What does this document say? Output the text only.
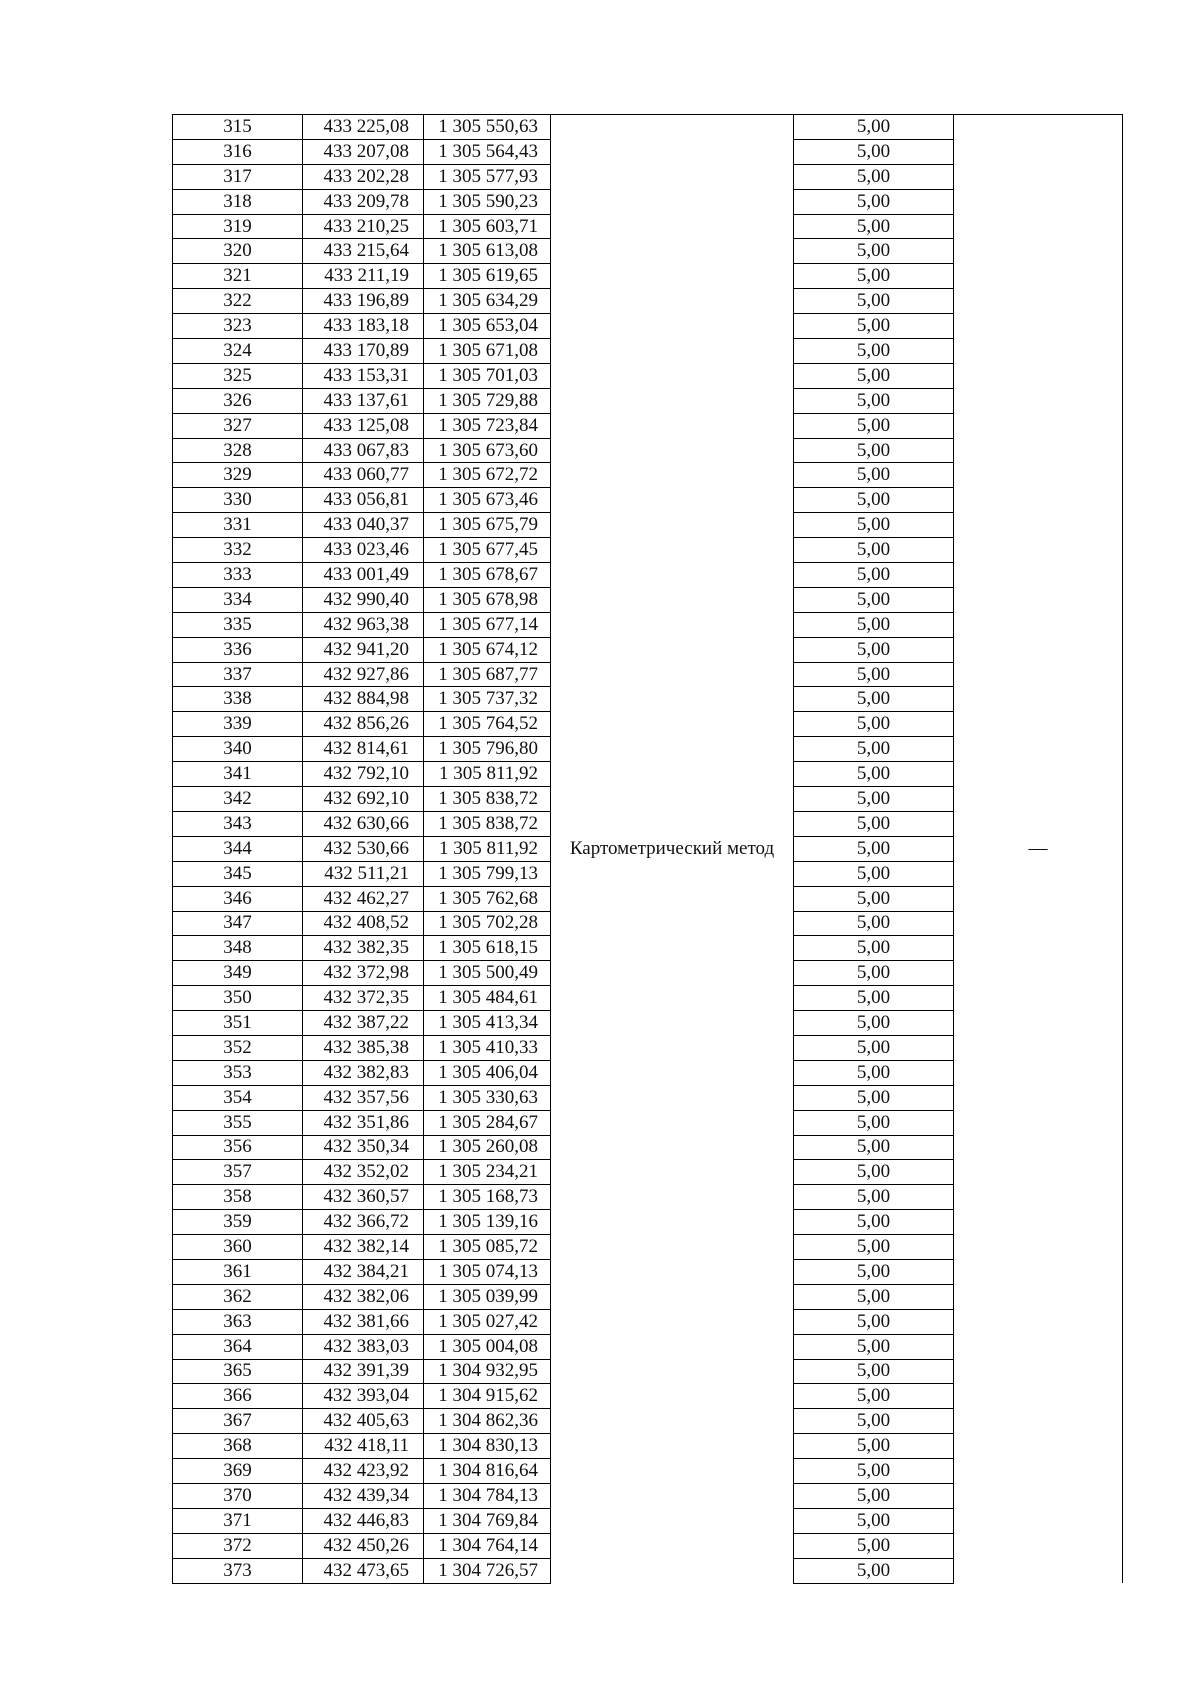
315	433 225,08	1 305 550,63		5,00	
316	433 207,08	1 305 564,43		5,00	
317	433 202,28	1 305 577,93		5,00	
318	433 209,78	1 305 590,23		5,00	
319	433 210,25	1 305 603,71		5,00	
320	433 215,64	1 305 613,08		5,00	
321	433 211,19	1 305 619,65		5,00	
322	433 196,89	1 305 634,29		5,00	
323	433 183,18	1 305 653,04		5,00	
324	433 170,89	1 305 671,08		5,00	
325	433 153,31	1 305 701,03		5,00	
326	433 137,61	1 305 729,88		5,00	
327	433 125,08	1 305 723,84		5,00	
328	433 067,83	1 305 673,60		5,00	
329	433 060,77	1 305 672,72		5,00	
330	433 056,81	1 305 673,46		5,00	
331	433 040,37	1 305 675,79		5,00	
332	433 023,46	1 305 677,45		5,00	
333	433 001,49	1 305 678,67		5,00	
334	432 990,40	1 305 678,98		5,00	
335	432 963,38	1 305 677,14		5,00	
336	432 941,20	1 305 674,12		5,00	
337	432 927,86	1 305 687,77		5,00	
338	432 884,98	1 305 737,32		5,00	
339	432 856,26	1 305 764,52		5,00	
340	432 814,61	1 305 796,80		5,00	
341	432 792,10	1 305 811,92		5,00	
342	432 692,10	1 305 838,72		5,00	
343	432 630,66	1 305 838,72		5,00	
344	432 530,66	1 305 811,92	Картометрический метод	5,00	—
345	432 511,21	1 305 799,13		5,00	
346	432 462,27	1 305 762,68		5,00	
347	432 408,52	1 305 702,28		5,00	
348	432 382,35	1 305 618,15		5,00	
349	432 372,98	1 305 500,49		5,00	
350	432 372,35	1 305 484,61		5,00	
351	432 387,22	1 305 413,34		5,00	
352	432 385,38	1 305 410,33		5,00	
353	432 382,83	1 305 406,04		5,00	
354	432 357,56	1 305 330,63		5,00	
355	432 351,86	1 305 284,67		5,00	
356	432 350,34	1 305 260,08		5,00	
357	432 352,02	1 305 234,21		5,00	
358	432 360,57	1 305 168,73		5,00	
359	432 366,72	1 305 139,16		5,00	
360	432 382,14	1 305 085,72		5,00	
361	432 384,21	1 305 074,13		5,00	
362	432 382,06	1 305 039,99		5,00	
363	432 381,66	1 305 027,42		5,00	
364	432 383,03	1 305 004,08		5,00	
365	432 391,39	1 304 932,95		5,00	
366	432 393,04	1 304 915,62		5,00	
367	432 405,63	1 304 862,36		5,00	
368	432 418,11	1 304 830,13		5,00	
369	432 423,92	1 304 816,64		5,00	
370	432 439,34	1 304 784,13		5,00	
371	432 446,83	1 304 769,84		5,00	
372	432 450,26	1 304 764,14		5,00	
373	432 473,65	1 304 726,57		5,00	
